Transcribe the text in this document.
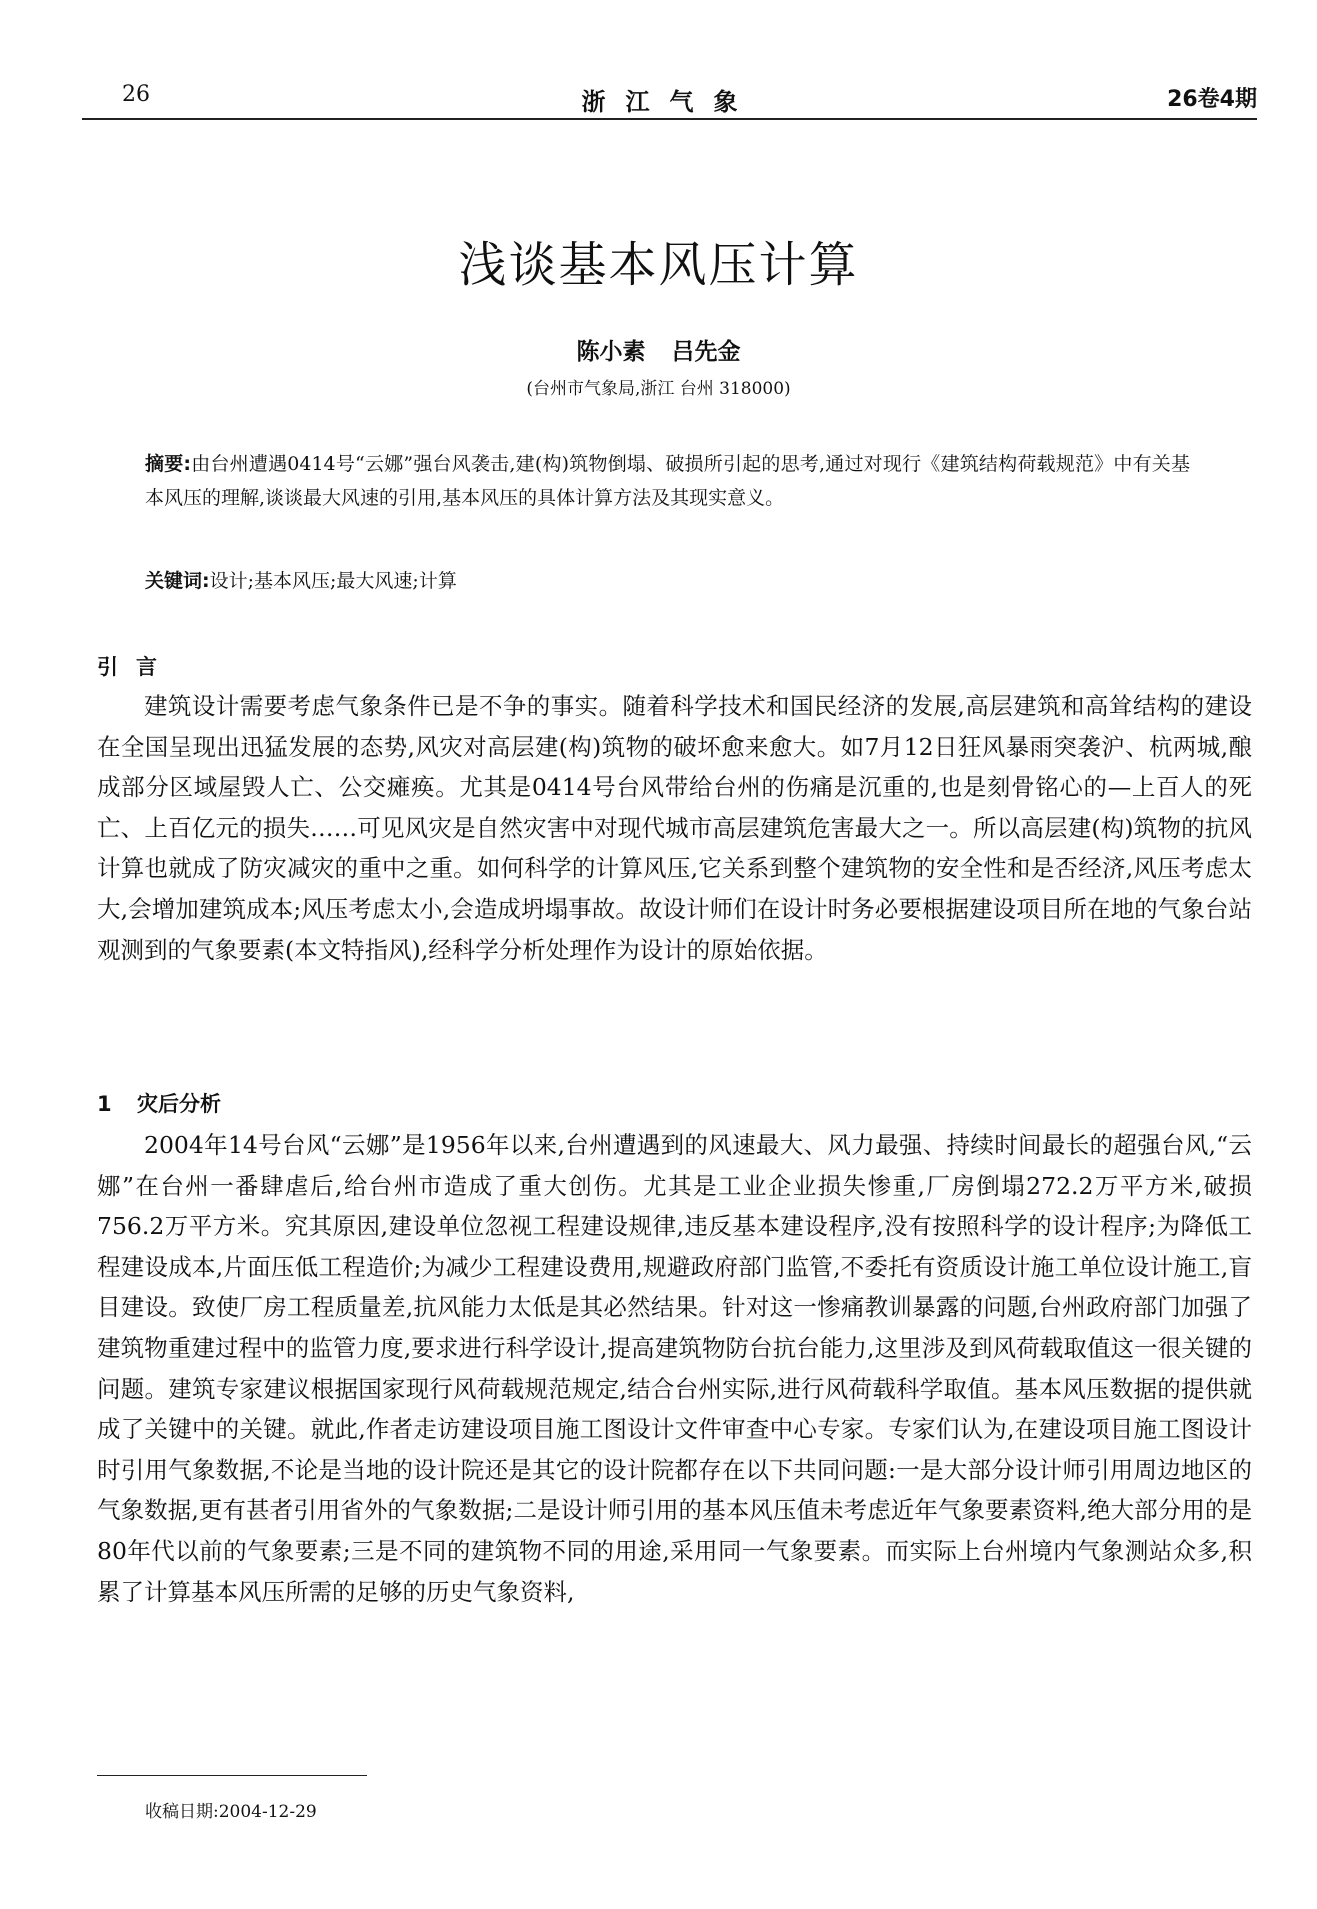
26	浙江气象	26卷4期
浅谈基本风压计算
陈小素 吕先金
(台州市气象局,浙江 台州 318000)
摘要:由台州遭遇0414号“云娜”强台风袭击,建(构)筑物倒塌、破损所引起的思考,通过对现行《建筑结构荷载规范》中有关基本风压的理解,谈谈最大风速的引用,基本风压的具体计算方法及其现实意义。
关键词:设计;基本风压;最大风速;计算
引言

建筑设计需要考虑气象条件已是不争的事实。随着科学技术和国民经济的发展,高层建筑和高耸结构的建设在全国呈现出迅猛发展的态势,风灾对高层建(构)筑物的破坏愈来愈大。如7月12日狂风暴雨突袭沪、杭两城,酿成部分区域屋毁人亡、公交瘫痪。尤其是0414号台风带给台州的伤痛是沉重的,也是刻骨铭心的—上百人的死亡、上百亿元的损失……可见风灾是自然灾害中对现代城市高层建筑危害最大之一。所以高层建(构)筑物的抗风计算也就成了防灾减灾的重中之重。如何科学的计算风压,它关系到整个建筑物的安全性和是否经济,风压考虑太大,会增加建筑成本;风压考虑太小,会造成坍塌事故。故设计师们在设计时务必要根据建设项目所在地的气象台站观测到的气象要素(本文特指风),经科学分析处理作为设计的原始依据。

1 灾后分析

2004年14号台风“云娜”是1956年以来,台州遭遇到的风速最大、风力最强、持续时间最长的超强台风,“云娜”在台州一番肆虐后,给台州市造成了重大创伤。尤其是工业企业损失惨重,厂房倒塌272.2万平方米,破损756.2万平方米。究其原因,建设单位忽视工程建设规律,违反基本建设程序,没有按照科学的设计程序;为降低工程建设成本,片面压低工程造价;为减少工程建设费用,规避政府部门监管,不委托有资质设计施工单位设计施工,盲目建设。致使厂房工程质量差,抗风能力太低是其必然结果。针对这一惨痛教训暴露的问题,台州政府部门加强了建筑物重建过程中的监管力度,要求进行科学设计,提高建筑物防台抗台能力,这里涉及到风荷载取值这一很关键的问题。建筑专家建议根据国家现行风荷载规范规定,结合台州实际,进行风荷载科学取值。基本风压数据的提供就成了关键中的关键。就此,作者走访建设项目施工图设计文件审查中心专家。专家们认为,在建设项目施工图设计时引用气象数据,不论是当地的设计院还是其它的设计院都存在以下共同问题:一是大部分设计师引用周边地区的气象数据,更有甚者引用省外的气象数据;二是设计师引用的基本风压值未考虑近年气象要素资料,绝大部分用的是80年代以前的气象要素;三是不同的建筑物不同的用途,采用同一气象要素。而实际上台州境内气象测站众多,积累了计算基本风压所需的足够的历史气象资料,

收稿日期:2004-12-29
